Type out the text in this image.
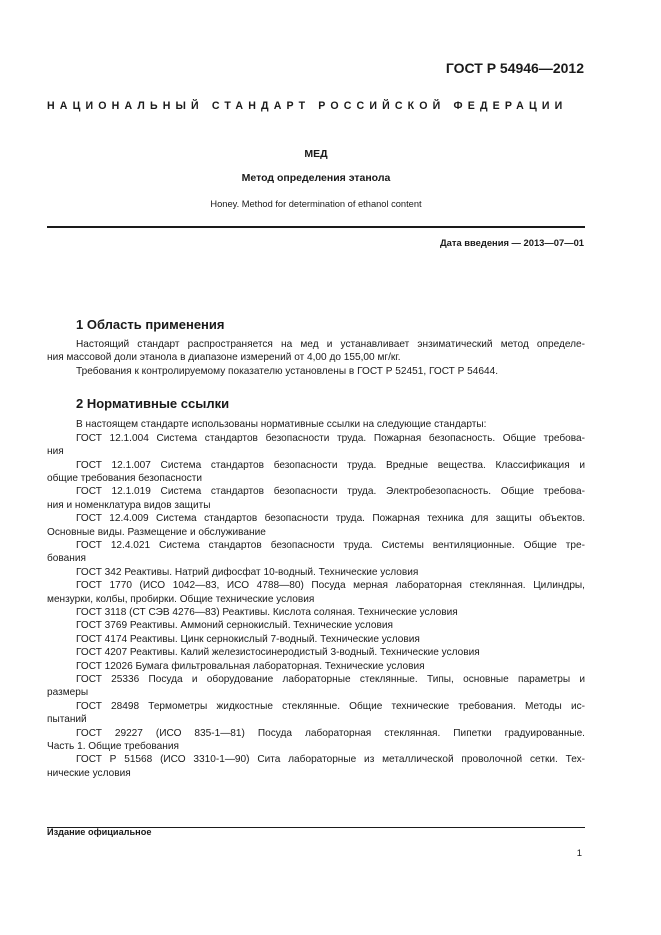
ГОСТ Р 54946—2012
НАЦИОНАЛЬНЫЙ СТАНДАРТ РОССИЙСКОЙ ФЕДЕРАЦИИ
МЕД
Метод определения этанола
Honey. Method for determination of ethanol content
Дата введения — 2013—07—01
1 Область применения
Настоящий стандарт распространяется на мед и устанавливает энзиматический метод определе-
ния массовой доли этанола в диапазоне измерений от 4,00 до 155,00 мг/кг.
Требования к контролируемому показателю установлены в ГОСТ Р 52451, ГОСТ Р 54644.
2 Нормативные ссылки
В настоящем стандарте использованы нормативные ссылки на следующие стандарты:
ГОСТ 12.1.004 Система стандартов безопасности труда. Пожарная безопасность. Общие требова-
ния
ГОСТ 12.1.007 Система стандартов безопасности труда. Вредные вещества. Классификация и
общие требования безопасности
ГОСТ 12.1.019 Система стандартов безопасности труда. Электробезопасность. Общие требова-
ния и номенклатура видов защиты
ГОСТ 12.4.009 Система стандартов безопасности труда. Пожарная техника для защиты объектов.
Основные виды. Размещение и обслуживание
ГОСТ 12.4.021 Система стандартов безопасности труда. Системы вентиляционные. Общие тре-
бования
ГОСТ 342 Реактивы. Натрий дифосфат 10-водный. Технические условия
ГОСТ 1770 (ИСО 1042—83, ИСО 4788—80) Посуда мерная лабораторная стеклянная. Цилиндры,
мензурки, колбы, пробирки. Общие технические условия
ГОСТ 3118 (СТ СЭВ 4276—83) Реактивы. Кислота соляная. Технические условия
ГОСТ 3769 Реактивы. Аммоний сернокислый. Технические условия
ГОСТ 4174 Реактивы. Цинк сернокислый 7-водный. Технические условия
ГОСТ 4207 Реактивы. Калий железистосинеродистый 3-водный. Технические условия
ГОСТ 12026 Бумага фильтровальная лабораторная. Технические условия
ГОСТ 25336 Посуда и оборудование лабораторные стеклянные. Типы, основные параметры и
размеры
ГОСТ 28498 Термометры жидкостные стеклянные. Общие технические требования. Методы ис-
пытаний
ГОСТ 29227 (ИСО 835-1—81) Посуда лабораторная стеклянная. Пипетки градуированные.
Часть 1. Общие требования
ГОСТ Р 51568 (ИСО 3310-1—90) Сита лабораторные из металлической проволочной сетки. Тех-
нические условия
Издание официальное
1
